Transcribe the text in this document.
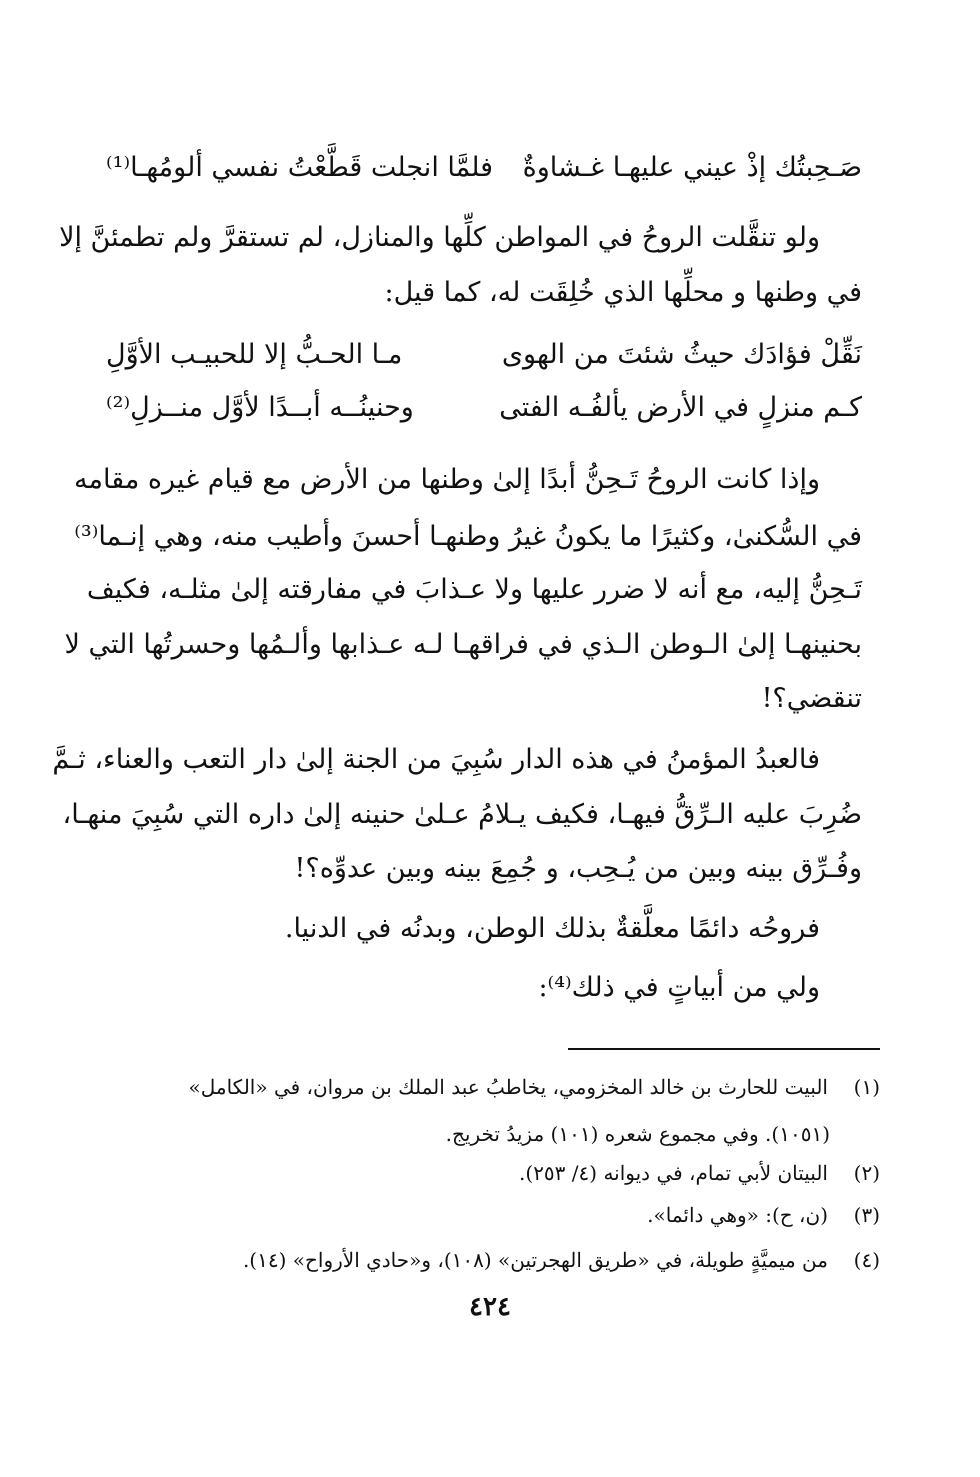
صَـحِبتُك إذْ عيني عليهـا غـشاوةٌ
فلمَّا انجلت قَطَّعْتُ نفسي ألومُهـا⁽¹⁾
ولو تنقَّلت الروحُ في المواطن كلِّها والمنازل، لم تستقرَّ ولم تطمئنَّ إلا
في وطنها و محلِّها الذي خُلِقَت له، كما قيل:
نَقِّلْ فؤادَك حيثُ شئتَ من الهوى
مـا الحـبُّ إلا للحبيـب الأوَّلِ
كـم منزلٍ في الأرض يألفُـه الفتى
وحنينُــه أبــدًا لأوَّل منــزلِ⁽²⁾
وإذا كانت الروحُ تَـحِنُّ أبدًا إلىٰ وطنها من الأرض مع قيام غيره مقامه
في السُّكنىٰ، وكثيرًا ما يكونُ غيرُ وطنهـا أحسنَ وأطيب منه، وهي إنـما⁽³⁾
تَـحِنُّ إليه، مع أنه لا ضرر عليها ولا عـذابَ في مفارقته إلىٰ مثلـه، فكيف
بحنينهـا إلىٰ الـوطن الـذي في فراقهـا لـه عـذابها وألـمُها وحسرتُها التي لا
تنقضي؟!
فالعبدُ المؤمنُ في هذه الدار سُبِيَ من الجنة إلىٰ دار التعب والعناء، ثـمَّ
ضُرِبَ عليه الـرِّقُّ فيهـا، فكيف يـلامُ عـلىٰ حنينه إلىٰ داره التي سُبِيَ منهـا،
وفُـرِّق بينه وبين من يُـحِب، و جُمِعَ بينه وبين عدوِّه؟!
فروحُه دائمًا معلَّقةٌ بذلك الوطن، وبدنُه في الدنيا.
ولي من أبياتٍ في ذلك⁽⁴⁾:
(١)البيت للحارث بن خالد المخزومي، يخاطبُ عبد الملك بن مروان، في «الكامل»
(١٠٥١). وفي مجموع شعره (١٠١) مزيدُ تخريج.
(٢)البيتان لأبي تمام، في ديوانه (٤/ ٢٥٣).
(٣)(ن، ح): «وهي دائما».
(٤)من ميميَّةٍ طويلة، في «طريق الهجرتين» (١٠٨)، و«حادي الأرواح» (١٤).
٤٢٤
